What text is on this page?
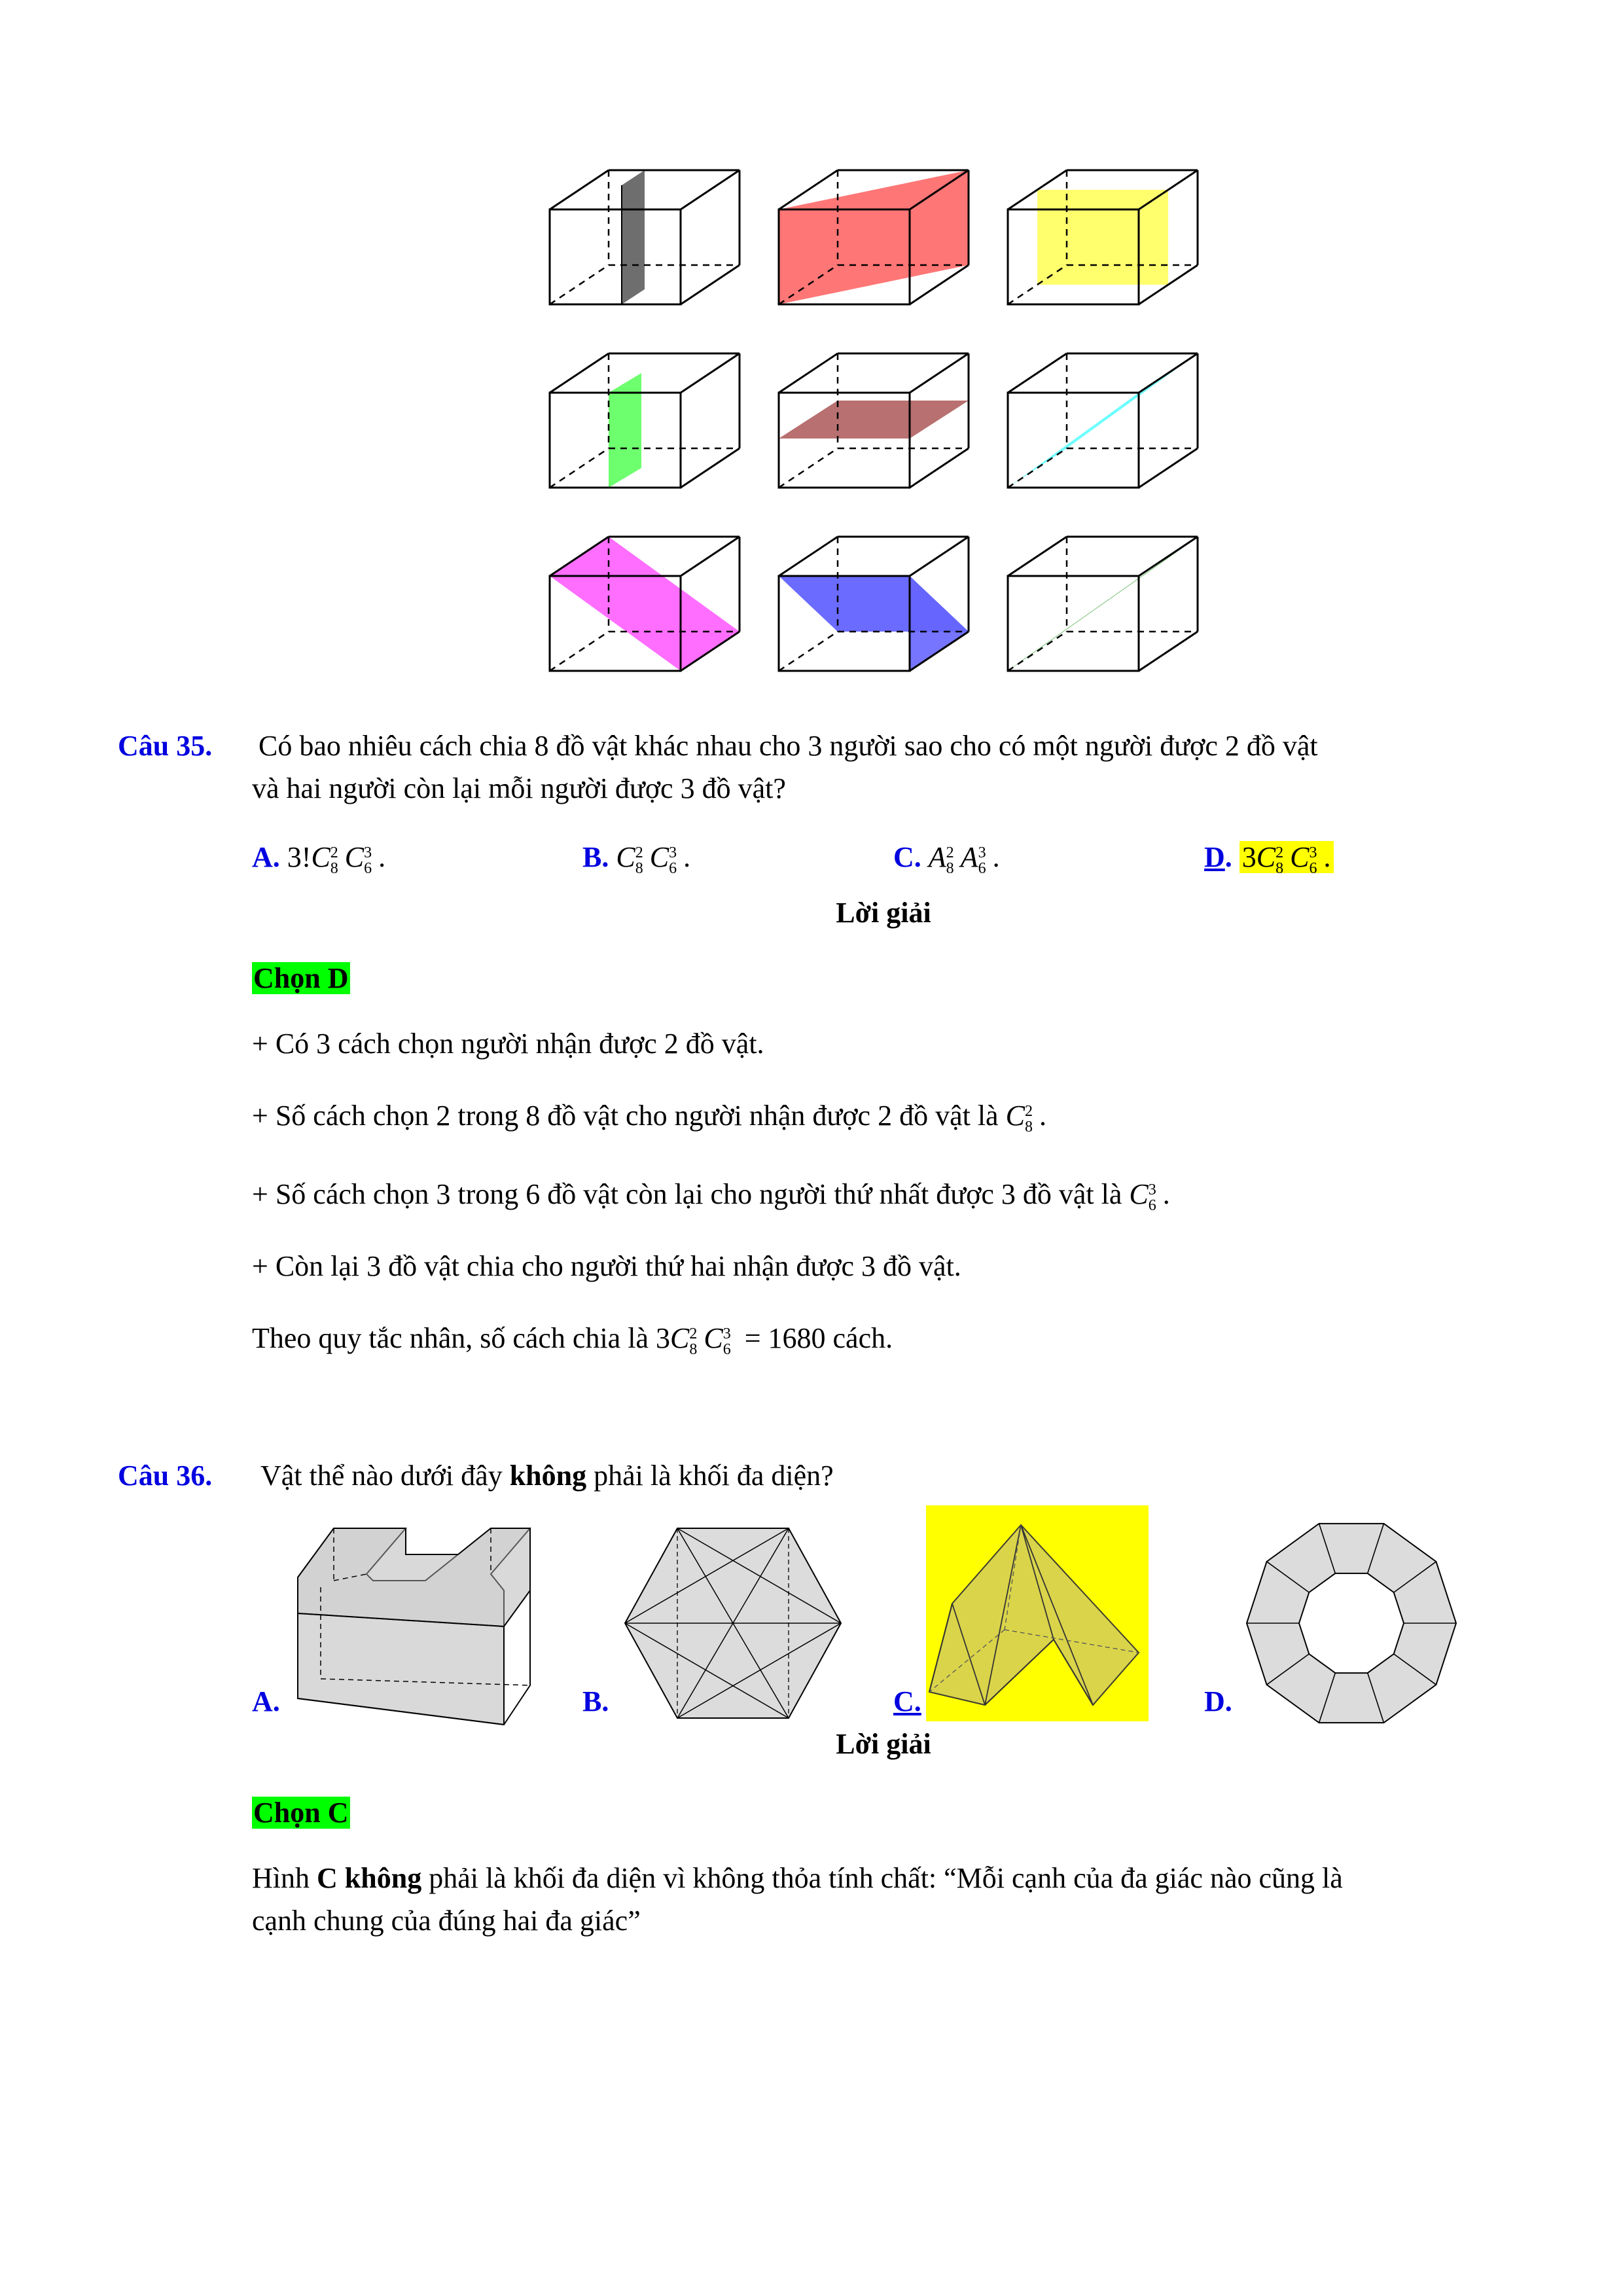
Câu 35. Có bao nhiêu cách chia 8 đồ vật khác nhau cho 3 người sao cho có một người được 2 đồ vật
và hai người còn lại mỗi người được 3 đồ vật?
A. 3!C 2
8 C 3
6 .	B. C 2
8 C 3
6 .	C. A 2
8 A 3
6 .	D. 3C 2
8 C 3
6 .
Lời giải
Chọn D
+ Có 3 cách chọn người nhận được 2 đồ vật.
+ Số cách chọn 2 trong 8 đồ vật cho người nhận được 2 đồ vật là C 2
8 .
+ Số cách chọn 3 trong 6 đồ vật còn lại cho người thứ nhất được 3 đồ vật là C 3
6 .
+ Còn lại 3 đồ vật chia cho người thứ hai nhận được 3 đồ vật.
Theo quy tắc nhân, số cách chia là 3C 2
8 C 3
6 = 1680 cách.
Câu 36. Vật thể nào dưới đây không phải là khối đa diện?
A.	B.	C.	D.
Lời giải
Chọn C
Hình C không phải là khối đa diện vì không thỏa tính chất: “Mỗi cạnh của đa giác nào cũng là
cạnh chung của đúng hai đa giác”
